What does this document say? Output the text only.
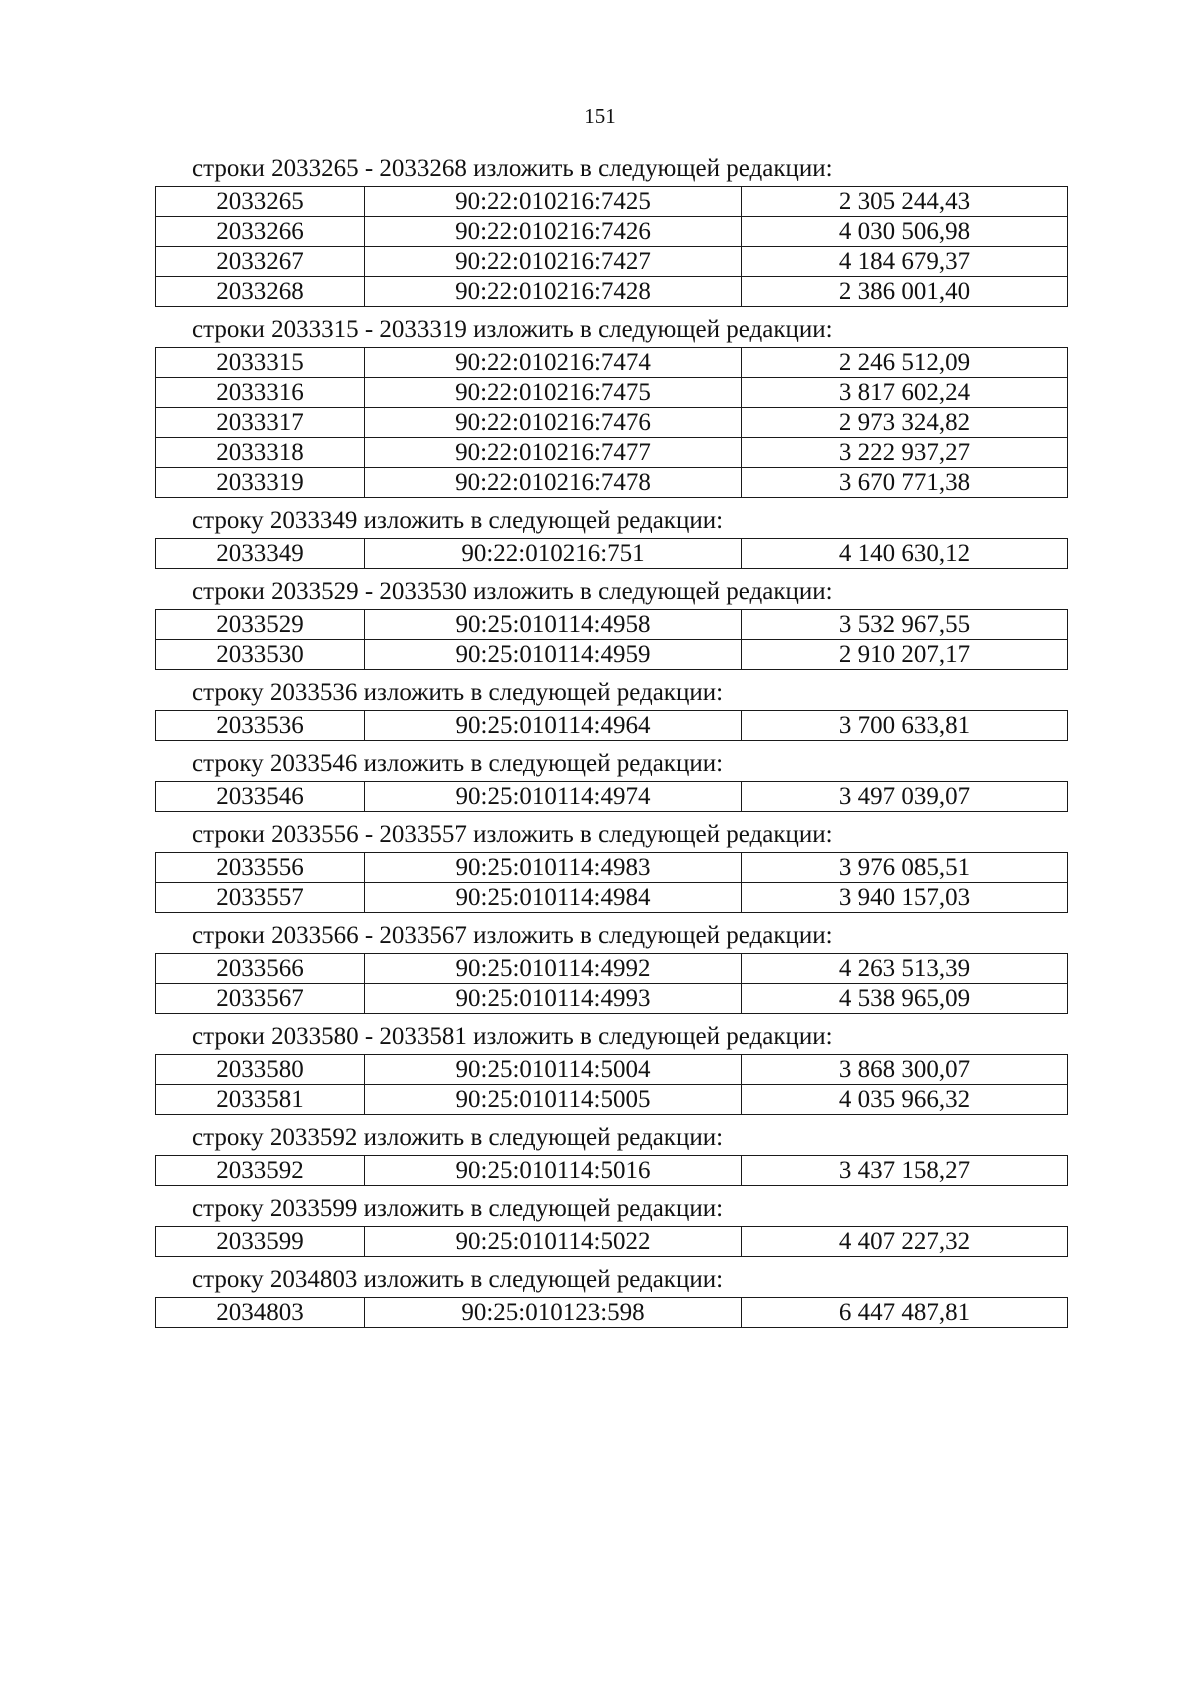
151
строки 2033265 - 2033268 изложить в следующей редакции:
2033265	90:22:010216:7425	2 305 244,43
2033266	90:22:010216:7426	4 030 506,98
2033267	90:22:010216:7427	4 184 679,37
2033268	90:22:010216:7428	2 386 001,40
строки 2033315 - 2033319 изложить в следующей редакции:
2033315	90:22:010216:7474	2 246 512,09
2033316	90:22:010216:7475	3 817 602,24
2033317	90:22:010216:7476	2 973 324,82
2033318	90:22:010216:7477	3 222 937,27
2033319	90:22:010216:7478	3 670 771,38
строку 2033349 изложить в следующей редакции:
2033349	90:22:010216:751	4 140 630,12
строки 2033529 - 2033530 изложить в следующей редакции:
2033529	90:25:010114:4958	3 532 967,55
2033530	90:25:010114:4959	2 910 207,17
строку 2033536 изложить в следующей редакции:
2033536	90:25:010114:4964	3 700 633,81
строку 2033546 изложить в следующей редакции:
2033546	90:25:010114:4974	3 497 039,07
строки 2033556 - 2033557 изложить в следующей редакции:
2033556	90:25:010114:4983	3 976 085,51
2033557	90:25:010114:4984	3 940 157,03
строки 2033566 - 2033567 изложить в следующей редакции:
2033566	90:25:010114:4992	4 263 513,39
2033567	90:25:010114:4993	4 538 965,09
строки 2033580 - 2033581 изложить в следующей редакции:
2033580	90:25:010114:5004	3 868 300,07
2033581	90:25:010114:5005	4 035 966,32
строку 2033592 изложить в следующей редакции:
2033592	90:25:010114:5016	3 437 158,27
строку 2033599 изложить в следующей редакции:
2033599	90:25:010114:5022	4 407 227,32
строку 2034803 изложить в следующей редакции:
2034803	90:25:010123:598	6 447 487,81
